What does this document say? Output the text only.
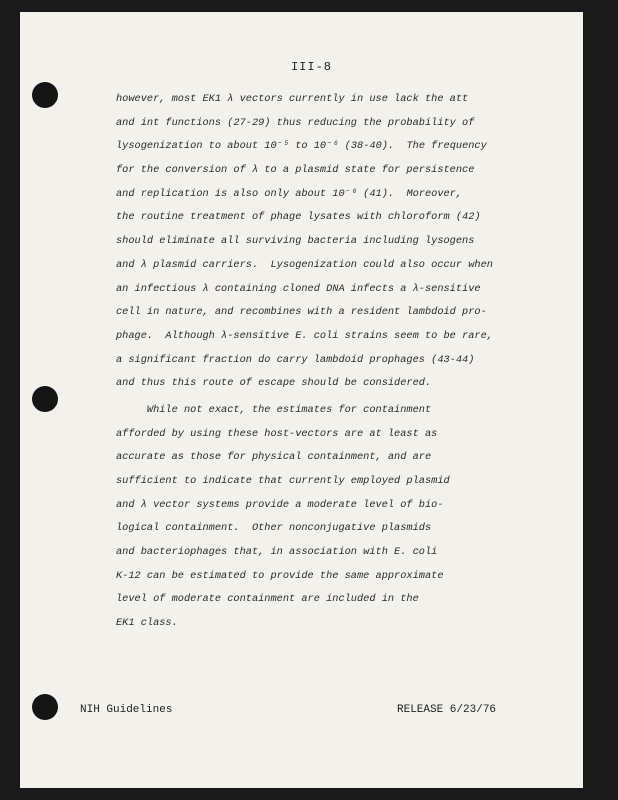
III-8
however, most EK1 λ vectors currently in use lack the att
and int functions (27-29) thus reducing the probability of
lysogenization to about 10⁻⁵ to 10⁻⁶ (38-40).  The frequency
for the conversion of λ to a plasmid state for persistence
and replication is also only about 10⁻⁶ (41).  Moreover,
the routine treatment of phage lysates with chloroform (42)
should eliminate all surviving bacteria including lysogens
and λ plasmid carriers.  Lysogenization could also occur when
an infectious λ containing cloned DNA infects a λ-sensitive
cell in nature, and recombines with a resident lambdoid pro-
phage.  Although λ-sensitive E. coli strains seem to be rare,
a significant fraction do carry lambdoid prophages (43-44)
and thus this route of escape should be considered.
While not exact, the estimates for containment
afforded by using these host-vectors are at least as
accurate as those for physical containment, and are
sufficient to indicate that currently employed plasmid
and λ vector systems provide a moderate level of bio-
logical containment.  Other nonconjugative plasmids
and bacteriophages that, in association with E. coli
K-12 can be estimated to provide the same approximate
level of moderate containment are included in the
EK1 class.
NIH Guidelines	RELEASE 6/23/76
